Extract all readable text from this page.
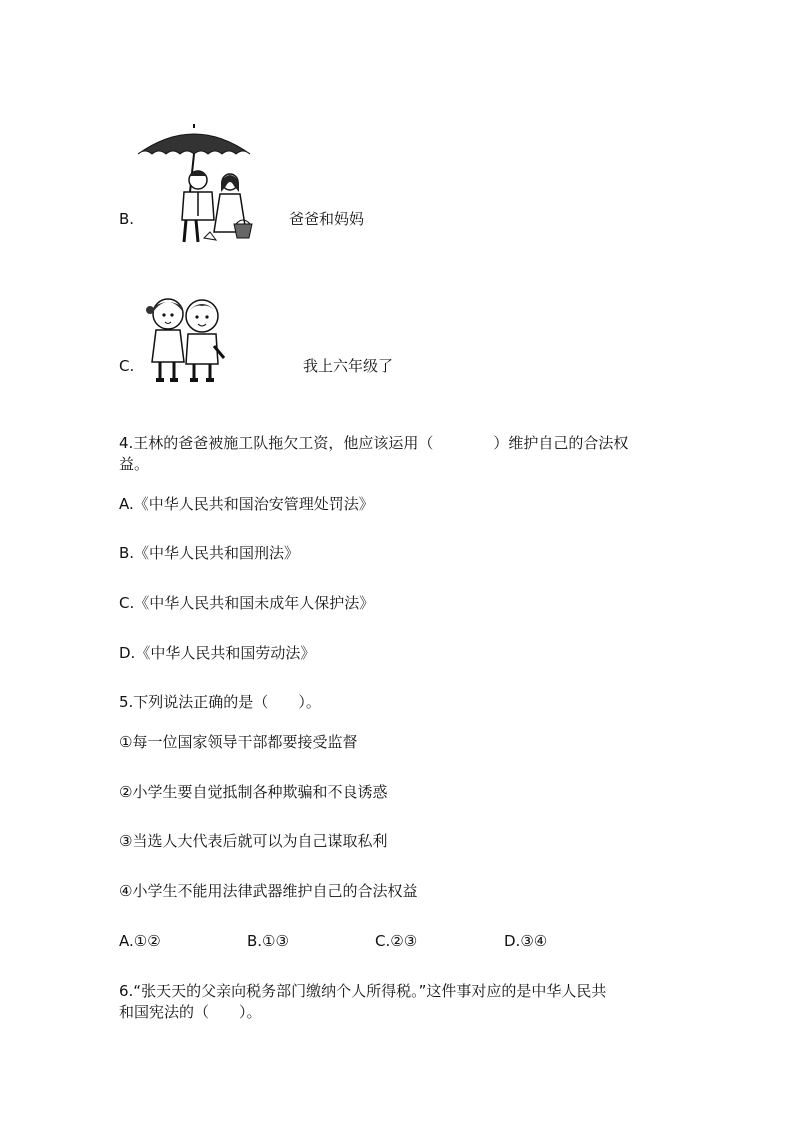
B.	爸爸和妈妈
C.	我上六年级了
4.王林的爸爸被施工队拖欠工资，他应该运用（　　　　）维护自己的合法权
益。
A.《中华人民共和国治安管理处罚法》
B.《中华人民共和国刑法》
C.《中华人民共和国未成年人保护法》
D.《中华人民共和国劳动法》
5.下列说法正确的是（　　）。
①每一位国家领导干部都要接受监督
②小学生要自觉抵制各种欺骗和不良诱惑
③当选人大代表后就可以为自己谋取私利
④小学生不能用法律武器维护自己的合法权益
A.①②	B.①③	C.②③	D.③④
6.“张天天的父亲向税务部门缴纳个人所得税。”这件事对应的是中华人民共
和国宪法的（　　）。
